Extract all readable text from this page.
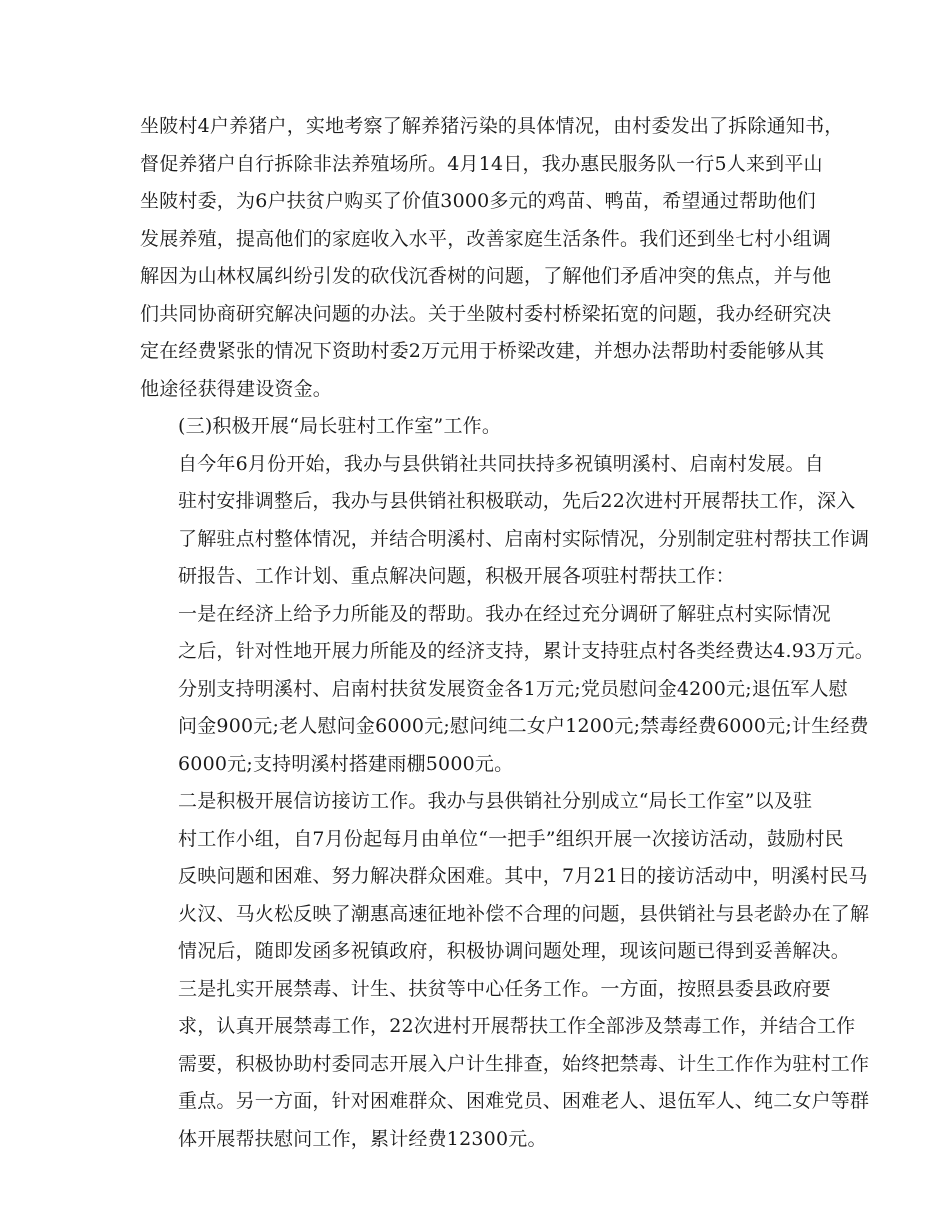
坐陂村4户养猪户，实地考察了解养猪污染的具体情况，由村委发出了拆除通知书，
督促养猪户自行拆除非法养殖场所。4月14日，我办惠民服务队一行5人来到平山
坐陂村委，为6户扶贫户购买了价值3000多元的鸡苗、鸭苗，希望通过帮助他们
发展养殖，提高他们的家庭收入水平，改善家庭生活条件。我们还到坐七村小组调
解因为山林权属纠纷引发的砍伐沉香树的问题，了解他们矛盾冲突的焦点，并与他
们共同协商研究解决问题的办法。关于坐陂村委村桥梁拓宽的问题，我办经研究决
定在经费紧张的情况下资助村委2万元用于桥梁改建，并想办法帮助村委能够从其
他途径获得建设资金。
(三)积极开展“局长驻村工作室”工作。
自今年6月份开始，我办与县供销社共同扶持多祝镇明溪村、启南村发展。自
驻村安排调整后，我办与县供销社积极联动，先后22次进村开展帮扶工作，深入
了解驻点村整体情况，并结合明溪村、启南村实际情况，分别制定驻村帮扶工作调
研报告、工作计划、重点解决问题，积极开展各项驻村帮扶工作：
一是在经济上给予力所能及的帮助。我办在经过充分调研了解驻点村实际情况
之后，针对性地开展力所能及的经济支持，累计支持驻点村各类经费达4.93万元。
分别支持明溪村、启南村扶贫发展资金各1万元;党员慰问金4200元;退伍军人慰
问金900元;老人慰问金6000元;慰问纯二女户1200元;禁毒经费6000元;计生经费
6000元;支持明溪村搭建雨棚5000元。
二是积极开展信访接访工作。我办与县供销社分别成立“局长工作室”以及驻
村工作小组，自7月份起每月由单位“一把手”组织开展一次接访活动，鼓励村民
反映问题和困难、努力解决群众困难。其中，7月21日的接访活动中，明溪村民马
火汉、马火松反映了潮惠高速征地补偿不合理的问题，县供销社与县老龄办在了解
情况后，随即发函多祝镇政府，积极协调问题处理，现该问题已得到妥善解决。
三是扎实开展禁毒、计生、扶贫等中心任务工作。一方面，按照县委县政府要
求，认真开展禁毒工作，22次进村开展帮扶工作全部涉及禁毒工作，并结合工作
需要，积极协助村委同志开展入户计生排查，始终把禁毒、计生工作作为驻村工作
重点。另一方面，针对困难群众、困难党员、困难老人、退伍军人、纯二女户等群
体开展帮扶慰问工作，累计经费12300元。
